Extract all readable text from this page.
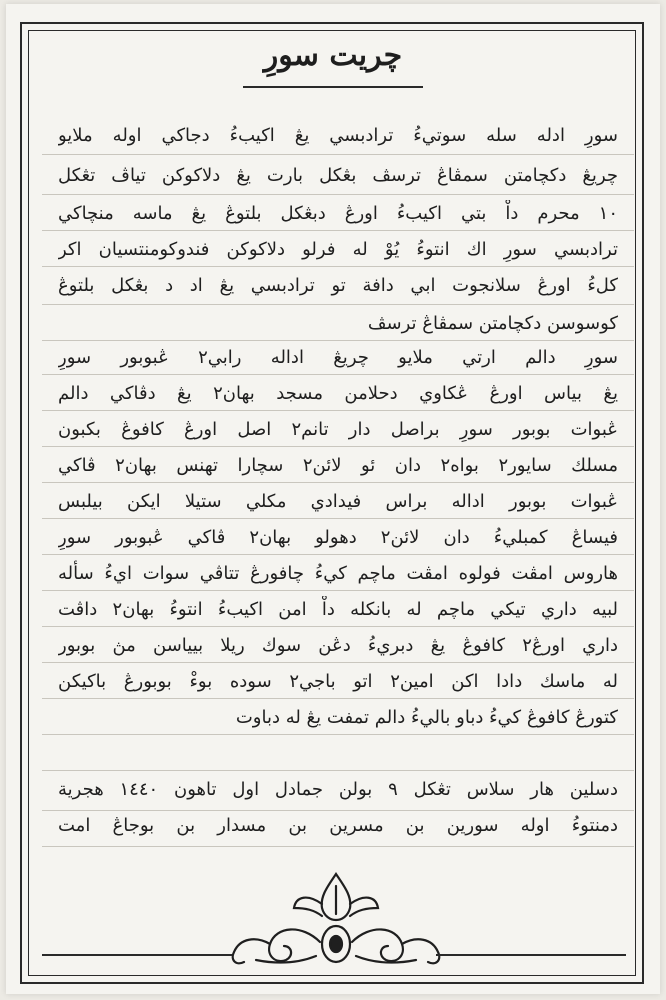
چريت سورِ
سورِ ادله سله سوتيءُ ترادبسي يڠ اكيبءُ دجاكي اوله ملايو
چريڠ دكچامتن سمڤاڠ ترسڤ بڠكل بارت يڠ دلاكوكن تياڤ تڠكل
١٠ محرم داْ بتي اكيبءُ اورڠ دبڠكل بلتوڠ يڠ ماسه منچاكي
ترادبسي سورِ اك انتوءُ يُوْ له فرلو دلاكوكن فندوكومنتسيان اكر
كلءُ اورڠ سلانجوت ابي دافة تو ترادبسي يڠ اد د بڠكل بلتوڠ
كوسوسن دكچامتن سمڤاڠ ترسڤ
سورِ دالم ارتي ملايو چريڠ اداله رابي٢ ڠبوبور سورِ
يڠ بياس اورڠ ڠكاوي دحلامن مسجد بهان٢ يڠ دڤاكي دالم
ڠبوات بوبور سورِ براصل دار تانم٢ اصل اورڠ كافوڠ بكبون
مسلك سايور٢ بواه٢ دان ئو لائن٢ سچارا تهنس بهان٢ ڤاكي
ڠبوات بوبور اداله براس فيدادي مكلي ستيلا ايكن بيلبس
فيساڠ كمبليءُ دان لائن٢ دهولو بهان٢ ڤاكي ڠبوبور سورِ
هاروس امڤت فولوه امڤت ماچم كيءُ چافورڠ تتاڤي سوات ايءُ سأله
لبيه داري تيكي ماچم له بانكله داْ امن اكيبءُ انتوءُ بهان٢ داڤت
داري اورڠ٢ كافوڠ يڠ دبريءُ دڠن سوك ريلا بيياسن مڽ بوبور
له ماسك دادا اكن امين٢ اتو باجي٢ سوده بوءْ بوبورڠ باكيكن
كتورڠ كافوڠ كيءُ دباو باليءُ دالم تمفت يڠ له دباوت
دسلين هار سلاس تڠكل ٩ بولن جمادل اول تاهون ١٤٤٠ هجرية
دمنتوءُ اوله سورين بن مسرين بن مسدار بن بوجاڠ امت
